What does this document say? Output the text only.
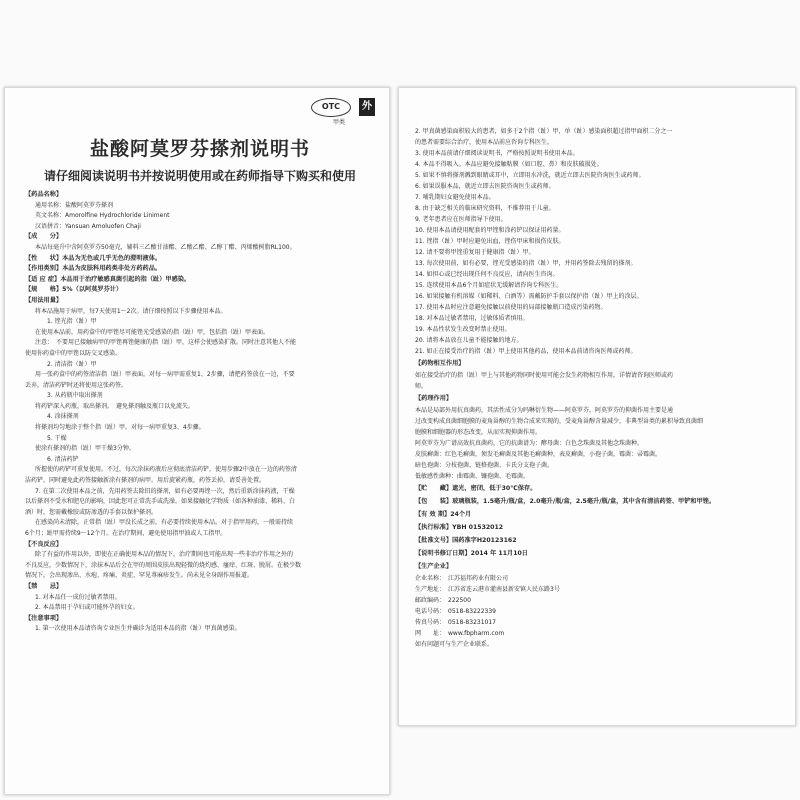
OTC
甲类
外
盐酸阿莫罗芬搽剂说明书
请仔细阅读说明书并按说明使用或在药师指导下购买和使用
【药品名称】
通用名称：盐酸阿莫罗芬搽剂
英文名称：Amorolfine Hydrochloride Liniment
汉语拼音：Yansuan Amoluofen Chaji
【成　　分】
本品每毫升中含阿莫罗芬50毫克，辅料三乙酸甘油酯、乙酸乙酯、乙醇丁酯、丙烯酸树脂RL100。
【性　　状】本品为无色或几乎无色的澄明液体。
【作用类别】本品为皮肤科用药类非处方药药品。
【适 应 症】本品用于治疗敏感真菌引起的指（趾）甲感染。
【规　　格】5%（以阿莫罗芬计）
【用法用量】
将本品施用于病甲，每7天使用1～2次。请仔细按照以下步骤使用本品。
1. 锉光指（趾）甲
在使用本品前，用药盒中的甲锉尽可能锉光受感染的指（趾）甲，包括指（趾）甲表面。
注意：　不要用已接触病甲的甲锉再锉健康的指（趾）甲，这样会使感染扩散。同时注意其他人不能
使用你药盒中的甲锉以防交叉感染。
2. 清洁指（趾）甲
用一张药盒中的药签清洁指（趾）甲表面。对每一病甲需重复1、2步骤，请把药签放在一边，不要
丢弃，清洁药铲时还将使用这张药签。
3. 从药瓶中取出搽剂
将药铲深入药瓶，取出搽剂。　避免搽剂触及瓶口以免流失。
4. 涂抹搽剂
将搽剂均匀地涂于整个指（趾）甲。对每一病甲重复3、4步骤。
5. 干燥
使涂有搽剂的指（趾）甲干燥3分钟。
6. 清洁药铲
所握使的药铲可重复使用。不过，每次涂抹药液后应彻底清洁药铲，使用步骤2中放在一边的药签清
洁药铲，同时避免此药签接触新涂有搽剂的病甲。用后旋紧药瓶，药签丢掉，请妥善处置。
7. 在第二次使用本品之前，先用药签去除旧的搽剂，如有必要再锉一次，然后重新涂抹药液，干燥
以后搽剂不受水和肥皂的影响，因此您可正常洗手或洗澡。如果接触化学物质（如各种油漆、稀料、白
酒）时，您需戴橡胶或防渗透的手套以保护搽剂。
在感染尚未清除，正常指（趾）甲没长成之前，有必要持续使用本品。对于指甲用药，一般需持续
6个月；趾甲需持续9～12个月。在治疗期间，避免使用指甲油或人工指甲。
【不良反应】
除了有益的作用以外，即使在正确使用本品的情况下，治疗期间也可能出现一些非治疗作用之外的
不良反应，少数情况下，涂抹本品后会在甲的周围皮肤出现轻微的烧灼感、瘙痒、红斑、脱屑。在极少数
情况下，会出现渗出、水疱、疼痛、炎症、罕见荨麻疹发生。尚未见全身副作用报道。
【禁　　忌】
1. 对本品任一成份过敏者禁用。
2. 本品禁用于孕妇或可能怀孕的妇女。
【注意事项】
1. 第一次使用本品请咨询专业医生并确诊为适用本品的指（趾）甲真菌感染。
2. 甲真菌感染面积较大的患者，如多于2个指（趾）甲，单（趾）感染面积超过指甲面积二分之一
的患者需要综合治疗，使用本品前应咨询专科医生。
3. 使用本品前请仔细阅读说明书，严格按照说明书使用本品。
4. 本品不得吸入。本品应避免接触粘膜（如口腔、鼻）和皮肤破损处。
5. 如果不慎将搽剂溅到眼睛或耳中，立即用水冲洗，就近立即去医院咨询医生或药师。
6. 如果误服本品，就近立即去医院咨询医生或药师。
7. 哺乳期妇女避免使用本品。
8. 由于缺乏相关的临床研究资料，不推荐用于儿童。
9. 老年患者应在医师指导下使用。
10. 使用本品请使用配套的甲锉和涂药铲以保证用药量。
11. 锉指（趾）甲时应避免出血，锉伤甲床和损伤皮肤。
12. 请不要将甲锉重复用于健康指（趾）甲。
13. 每次使用前，如有必要，锉光受感染的指（趾）甲，并用药签除去残留的搽剂。
14. 如担心或已经出现任何不良反应，请向医生咨询。
15. 连续使用本品6个月如症状无缓解请咨询专科医生。
16. 如果接触有机溶媒（如稀料、白酒等）需戴防护手套以保护指（趾）甲上的涂层。
17. 使用本品时应注意避免接触以前使用的局部接触瓶口造成污染药物。
18. 对本品过敏者禁用，过敏体质者慎用。
19. 本品性状发生改变时禁止使用。
20. 请将本品放在儿童不能接触的地方。
21. 如正在接受治疗的指（趾）甲上使用其他药品，使用本品前请咨询医师或药师。
【药物相互作用】
如在接受治疗的指（趾）甲上与其他药物同时使用可能会发生药物相互作用，详情请咨询医师或药
师。
【药理作用】
本品是局部外用抗真菌药，其活性成分为吗啉衍生物——阿莫罗芬。阿莫罗芬的抑菌作用主要是通
过改变构成真菌细胞膜的麦角甾醇的生物合成来实现的，受麦角甾醇含量减少，非典型甾类的累积导致真菌细
胞膜和细胞器的形态改变，从而实现抑菌作用。
阿莫罗芬为广谱高效抗真菌药，它的抗菌谱为：酵母菌：白色念珠菌及其他念珠菌种。
皮肤癣菌：红色毛癣菌，须发毛癣菌及其他毛癣菌种，表皮癣菌，小孢子菌，霉菌：帚霉菌。
暗色孢菌：分枝孢菌、链格孢菌、卡氏分支孢子菌。
低敏感性菌种：曲霉菌、镰孢菌、毛霉菌。
【贮　　藏】遮光，密闭，低于30℃保存。
【包　　装】玻璃瓶装，1.5毫升/瓶/盒，2.0毫升/瓶/盒，2.5毫升/瓶/盒，其中含有清洁药签、甲铲和甲锉。
【有 效 期】24个月
【执行标准】YBH 01532012
【批准文号】国药准字H20123162
【说明书修订日期】2014 年 11月10日
【生产企业】
企业名称：　江苏福邦药业有限公司
生产地址：　江苏省连云港市灌南县新安镇人民东路3号
邮政编码：　222500
电话号码：　0518-83222339
传真号码：　0518-83231017
网　　址：　www.fbpharm.com
如有问题可与生产企业联系。
